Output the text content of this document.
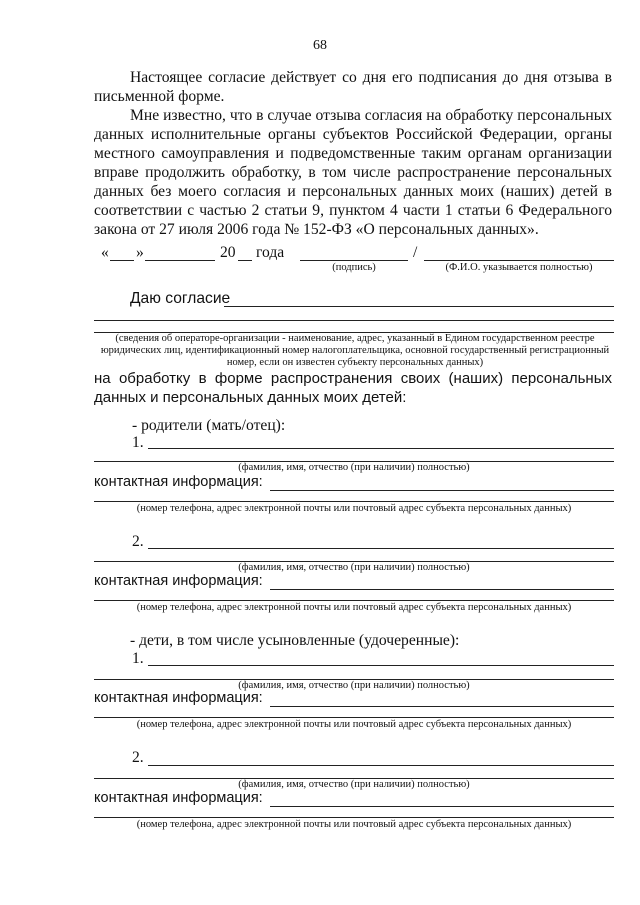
68
Настоящее согласие действует со дня его подписания до дня отзыва в письменной форме.
Мне известно, что в случае отзыва согласия на обработку персональных данных исполнительные органы субъектов Российской Федерации, органы местного самоуправления и подведомственные таким органам организации вправе продолжить обработку, в том числе распространение персональных данных без моего согласия и персональных данных моих (наших) детей в соответствии с частью 2 статьи 9, пунктом 4 части 1 статьи 6 Федерального закона от 27 июля 2006 года № 152-ФЗ «О персональных данных».
« »	20 года	/
(подпись)	(Ф.И.О. указывается полностью)
Даю согласие
(сведения об операторе-организации - наименование, адрес, указанный в Едином государственном реестре юридических лиц, идентификационный номер налогоплательщика, основной государственный регистрационный номер, если он известен субъекту персональных данных)
на обработку в форме распространения своих (наших) персональных данных и персональных данных моих детей:
- родители (мать/отец):
1.
(фамилия, имя, отчество (при наличии) полностью)
контактная информация:
(номер телефона, адрес электронной почты или почтовый адрес субъекта персональных данных)
2.
(фамилия, имя, отчество (при наличии) полностью)
контактная информация:
(номер телефона, адрес электронной почты или почтовый адрес субъекта персональных данных)
- дети, в том числе усыновленные (удочеренные):
1.
(фамилия, имя, отчество (при наличии) полностью)
контактная информация:
(номер телефона, адрес электронной почты или почтовый адрес субъекта персональных данных)
2.
(фамилия, имя, отчество (при наличии) полностью)
контактная информация:
(номер телефона, адрес электронной почты или почтовый адрес субъекта персональных данных)
